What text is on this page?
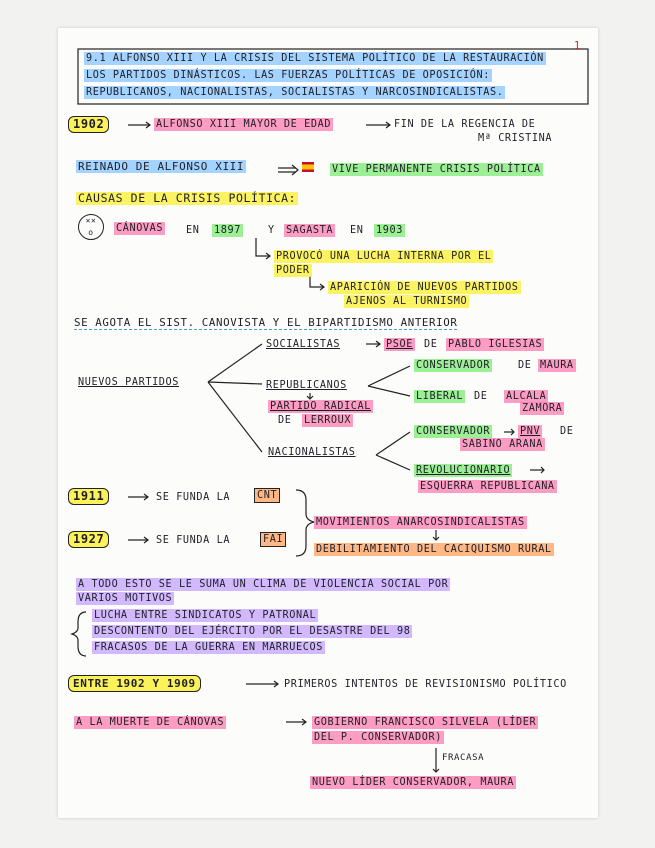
9.1 ALFONSO XIII Y LA CRISIS DEL SISTEMA POLÍTICO DE LA RESTAURACIÓN
LOS PARTIDOS DINÁSTICOS. LAS FUERZAS POLÍTICAS DE OPOSICIÓN:
REPUBLICANOS, NACIONALISTAS, SOCIALISTAS Y NARCOSINDICALISTAS.
1
1902	ALFONSO XIII MAYOR DE EDAD	FIN DE LA REGENCIA DE
Mª CRISTINA
REINADO DE ALFONSO XIII	VIVE PERMANENTE CRISIS POLÍTICA
CAUSAS DE LA CRISIS POLÍTICA:
✕✕
o	CÁNOVAS EN 1897	Y SAGASTA EN 1903
PROVOCÓ UNA LUCHA INTERNA POR EL
PODER
APARICIÓN DE NUEVOS PARTIDOS
AJENOS AL TURNISMO
SE AGOTA EL SIST. CANOVISTA Y EL BIPARTIDISMO ANTERIOR
NUEVOS PARTIDOS
SOCIALISTAS	PSOE DE PABLO IGLESIAS
REPUBLICANOS
PARTIDO RADICAL
DE LERROUX
CONSERVADOR	DE MAURA
LIBERAL DE ALCALA
ZAMORA
NACIONALISTAS
CONSERVADOR	PNV DE
SABINO ARANA
REVOLUCIONARIO
ESQUERRA REPUBLICANA
1911	SE FUNDA LA	CNT
1927	SE FUNDA LA	FAI
MOVIMIENTOS ANARCOSINDICALISTAS
DEBILITAMIENTO DEL CACIQUISMO RURAL
A TODO ESTO SE LE SUMA UN CLIMA DE VIOLENCIA SOCIAL POR
VARIOS MOTIVOS
LUCHA ENTRE SINDICATOS Y PATRONAL
DESCONTENTO DEL EJÉRCITO POR EL DESASTRE DEL 98
FRACASOS DE LA GUERRA EN MARRUECOS
ENTRE 1902 Y 1909	PRIMEROS INTENTOS DE REVISIONISMO POLÍTICO
A LA MUERTE DE CÁNOVAS	GOBIERNO FRANCISCO SILVELA (LÍDER
DEL P. CONSERVADOR)
FRACASA
NUEVO LÍDER CONSERVADOR, MAURA
